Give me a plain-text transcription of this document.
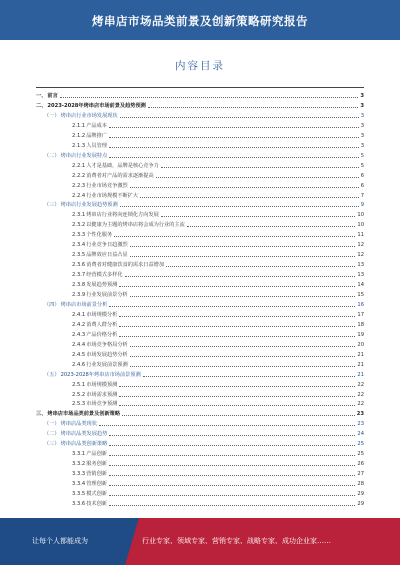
烤串店市场品类前景及创新策略研究报告
内容目录
一、 前言	3
二、 2023-2028年烤串店市场前景及趋势预测	3
（一） 烤串店行业市场发展现状	3
2.1.1 产品成本	3
2.1.2 品牌推广	3
2.1.3 人员管理	3
（二） 烤串店行业发展特点	5
2.2.1 人才是基础，品牌是核心竞争力	5
2.2.2 消费者对产品的需求逐渐提高	6
2.2.3 行业市场竞争激烈	6
2.2.4 行业市场规模不断扩大	7
（三） 烤串店行业发展趋势预测	9
2.3.1 烤串店行业将向连锁化方向发展	10
2.3.2 以健康为主题的烤串店将会成为行业的主流	10
2.3.3 个性化服务	11
2.3.4 行业竞争日趋激烈	12
2.3.5 品牌效应日益凸显	12
2.3.6 消费者对健康饮食的需求日益增加	13
2.3.7 经营模式多样化	13
2.3.8 发展趋势预测	14
2.3.9 行业发展前景分析	15
（四） 烤串店市场前景分析	16
2.4.1 市场规模分析	17
2.4.2 消费人群分析	18
2.4.3 产品价格分析	19
2.4.4 市场竞争格局分析	20
2.4.5 市场发展趋势分析	21
2.4.6 行业发展前景预测	21
（五） 2023-2028年烤串店市场前景预测	21
2.5.1 市场规模预测	22
2.5.2 市场需求预测	22
2.5.3 市场竞争预测	22
三、 烤串店市场品类前景及创新策略	23
（一） 烤串店品类现状	23
（二） 烤串店品类发展趋势	24
（三） 烤串店品类创新策略	25
3.3.1 产品创新	25
3.3.2 服务创新	26
3.3.3 营销创新	27
3.3.4 管理创新	28
3.3.5 模式创新	29
3.3.6 技术创新	29
让每个人都能成为	行业专家、领域专家、营销专家、战略专家、成功企业家……
